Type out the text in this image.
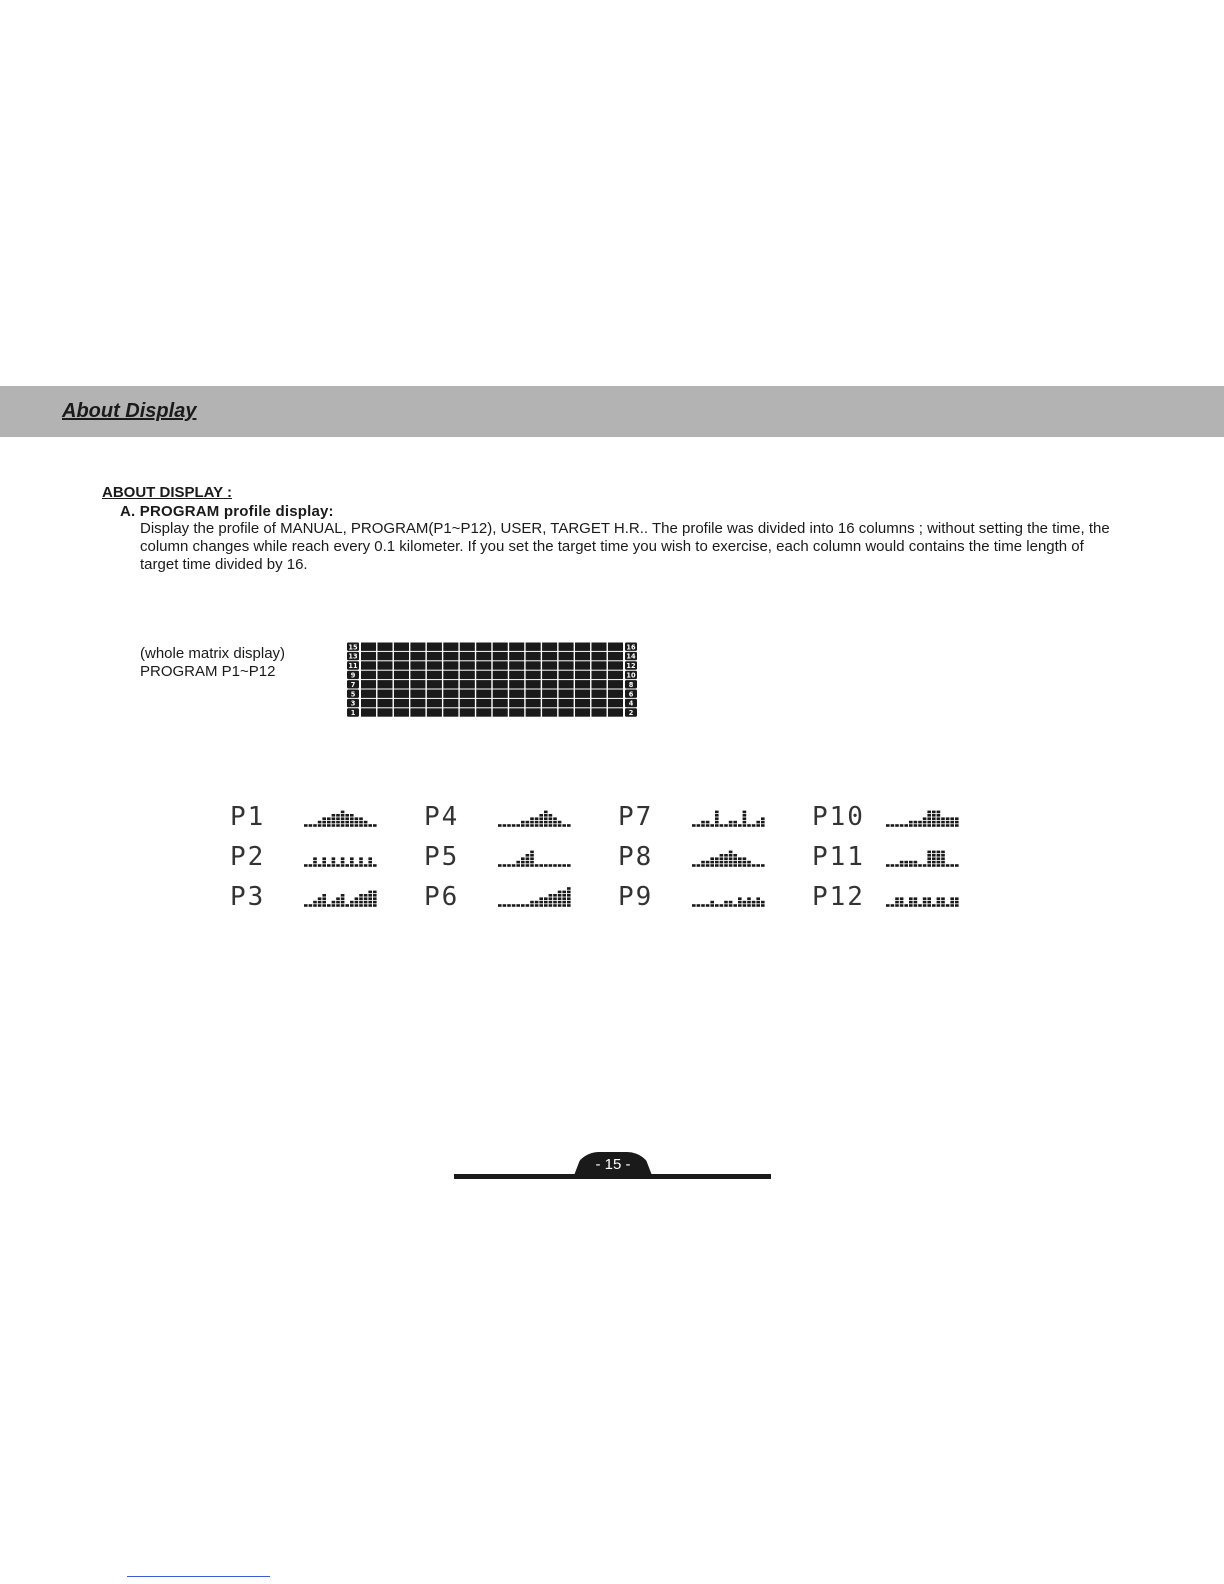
About Display
ABOUT DISPLAY :
A. PROGRAM profile display:

Display the profile of MANUAL, PROGRAM(P1~P12), USER, TARGET H.R.. The profile was divided into 16 columns ; without setting the time, the column changes while reach every 0.1 kilometer. If you set the target time you wish to exercise, each column would contains the time length of target time divided by 16.

(whole matrix display)
PROGRAM P1~P12
15	16
13	14
11	12
9	10
7	8
5	6
3	4
1	2
P1
P2
P3
P4
P5
P6
P7
P8
P9
P10
P11
P12
- 15 -
